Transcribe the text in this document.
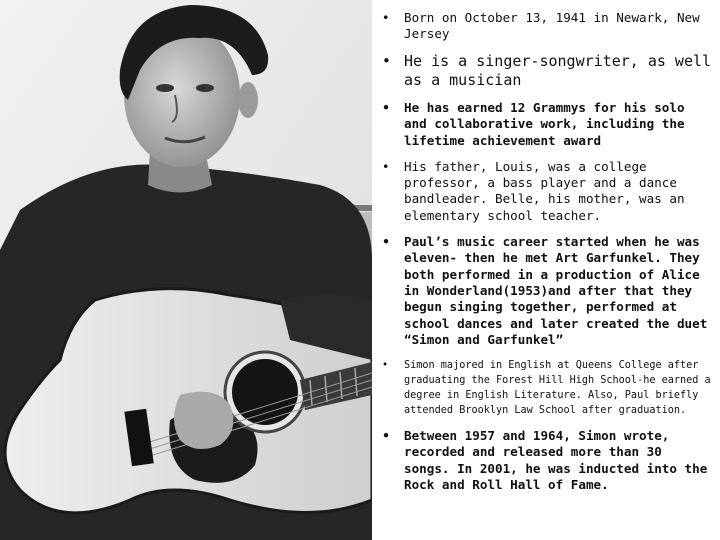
• Born on October 13, 1941 in Newark, New Jersey
• He is a singer-songwriter, as well as a musician
• He has earned 12 Grammys for his solo and collaborative work, including the lifetime achievement award
• His father, Louis, was a college professor, a bass player and a dance bandleader. Belle, his mother, was an elementary school teacher.
• Paul’s music career started when he was eleven- then he met Art Garfunkel. They both performed in a production of Alice in Wonderland(1953)and after that they begun singing together, performed at school dances and later created the duet “Simon and Garfunkel”
• Simon majored in English at Queens College after graduating the Forest Hill High School-he earned a degree in English Literature. Also, Paul briefly attended Brooklyn Law School after graduation.
• Between 1957 and 1964, Simon wrote, recorded and released more than 30 songs. In 2001, he was inducted into the Rock and Roll Hall of Fame.
